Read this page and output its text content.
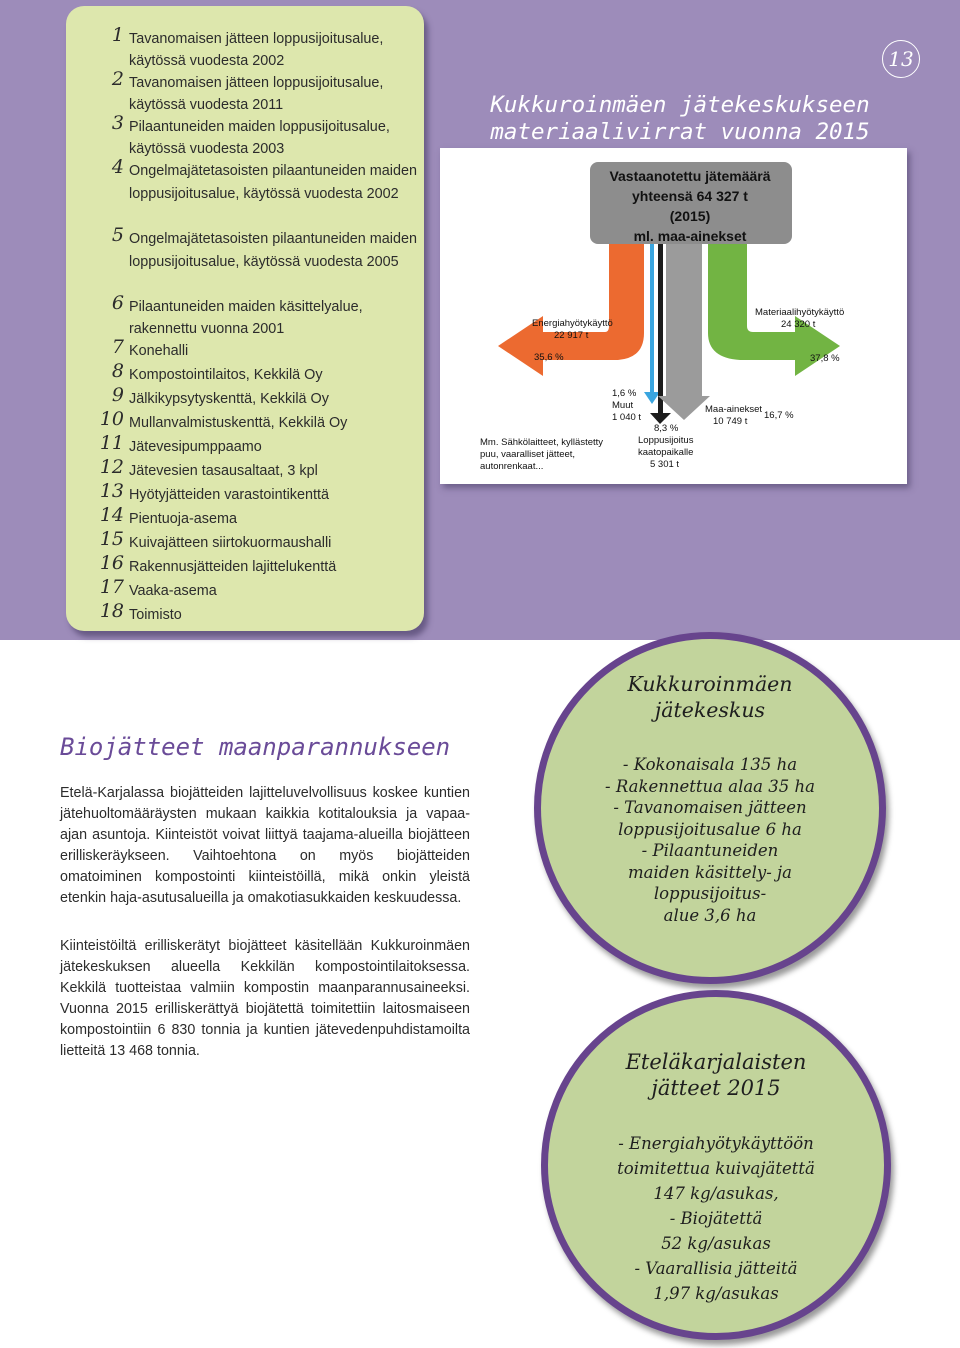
1 Tavanomaisen jätteen loppusijoitusalue, käytössä vuodesta 2002
2 Tavanomaisen jätteen loppusijoitusalue, käytössä vuodesta 2011
3 Pilaantuneiden maiden loppusijoitusalue, käytössä vuodesta 2003
4 Ongelmajätetasoisten pilaantuneiden maiden loppusijoitusalue, käytössä vuodesta 2002
5 Ongelmajätetasoisten pilaantuneiden maiden loppusijoitusalue, käytössä vuodesta 2005
6 Pilaantuneiden maiden käsittelyalue, rakennettu vuonna 2001
7 Konehalli
8 Kompostointilaitos, Kekkilä Oy
9 Jälkikypsytyskenttä, Kekkilä Oy
10 Mullanvalmistuskenttä, Kekkilä Oy
11 Jätevesipumppaamo
12 Jätevesien tasausaltaat, 3 kpl
13 Hyötyjätteiden varastointikenttä
14 Pientuoja-asema
15 Kuivajätteen siirtokuormaushalli
16 Rakennusjätteiden lajittelukenttä
17 Vaaka-asema
18 Toimisto
13
Kukkuroinmäen jätekeskukseen materiaalivirrat vuonna 2015
Vastaanotettu jätemäärä
yhteensä 64 327 t
(2015)
ml. maa-ainekset
Energiahyötykäyttö
22 917 t
35,6 %
Materiaalihyötykäyttö
24 320 t
37,8 %
1,6 %
Muut
1 040 t
8,3 %
Loppusijoitus
kaatopaikalle
5 301 t
Maa-ainekset
10 749 t
16,7 %
Mm. Sähkölaitteet, kyllästetty puu, vaaralliset jätteet, autonrenkaat...
Biojätteet maanparannukseen

Etelä-Karjalassa biojätteiden lajitteluvelvollisuus koskee kuntien jätehuoltomääräysten mukaan kaikkia kotitalouksia ja vapaa-ajan asuntoja. Kiinteistöt voivat liittyä taajama-alueilla biojätteen erilliskeräykseen. Vaihtoehtona on myös biojätteiden omatoiminen kompostointi kiinteistöillä, mikä onkin yleistä etenkin haja-asutusalueilla ja omakotiasukkaiden keskuudessa.

Kiinteistöiltä erilliskerätyt biojätteet käsitellään Kukkuroinmäen jätekeskuksen alueella Kekkilän kompostointilaitoksessa. Kekkilä tuotteistaa valmiin kompostin maanparannusaineeksi. Vuonna 2015 erilliskerättyä biojätettä toimitettiin laitosmaiseen kompostointiin 6 830 tonnia ja kuntien jätevedenpuhdistamoilta lietteitä 13 468 tonnia.

Kukkuroinmäen
jätekeskus
- Kokonaisala 135 ha
- Rakennettua alaa 35 ha
- Tavanomaisen jätteen
loppusijoitusalue 6 ha
- Pilaantuneiden
maiden käsittely- ja
loppusijoitus-
alue 3,6 ha
Eteläkarjalaisten
jätteet 2015
- Energiahyötykäyttöön
toimitettua kuivajätettä
147 kg/asukas,
- Biojätettä
52 kg/asukas
- Vaarallisia jätteitä
1,97 kg/asukas
